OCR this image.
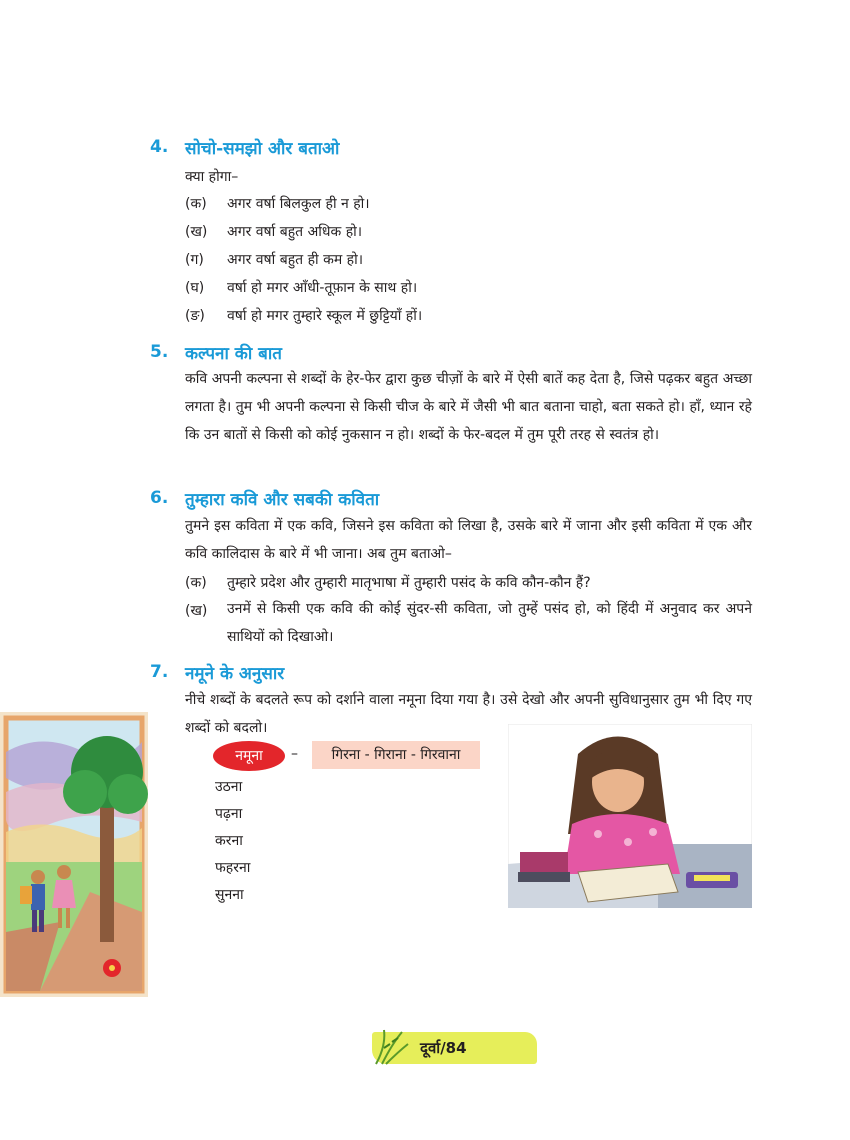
4. सोचो-समझो और बताओ
क्या होगा–
(क) अगर वर्षा बिलकुल ही न हो।
(ख) अगर वर्षा बहुत अधिक हो।
(ग) अगर वर्षा बहुत ही कम हो।
(घ) वर्षा हो मगर आँधी-तूफ़ान के साथ हो।
(ङ) वर्षा हो मगर तुम्हारे स्कूल में छुट्टियाँ हों।
5. कल्पना की बात
कवि अपनी कल्पना से शब्दों के हेर-फेर द्वारा कुछ चीज़ों के बारे में ऐसी बातें कह देता है, जिसे पढ़कर बहुत अच्छा लगता है। तुम भी अपनी कल्पना से किसी चीज के बारे में जैसी भी बात बताना चाहो, बता सकते हो। हाँ, ध्यान रहे कि उन बातों से किसी को कोई नुकसान न हो। शब्दों के फेर-बदल में तुम पूरी तरह से स्वतंत्र हो।
6. तुम्हारा कवि और सबकी कविता
तुमने इस कविता में एक कवि, जिसने इस कविता को लिखा है, उसके बारे में जाना और इसी कविता में एक और कवि कालिदास के बारे में भी जाना। अब तुम बताओ–
(क) तुम्हारे प्रदेश और तुम्हारी मातृभाषा में तुम्हारी पसंद के कवि कौन-कौन हैं?
(ख) उनमें से किसी एक कवि की कोई सुंदर-सी कविता, जो तुम्हें पसंद हो, को हिंदी में अनुवाद कर अपने साथियों को दिखाओ।
7. नमूने के अनुसार
नीचे शब्दों के बदलते रूप को दर्शाने वाला नमूना दिया गया है। उसे देखो और अपनी सुविधानुसार तुम भी दिए गए शब्दों को बदलो।
नमूना	–	गिरना - गिराना - गिरवाना
उठना
पढ़ना
करना
फहरना
सुनना
दूर्वा/84
